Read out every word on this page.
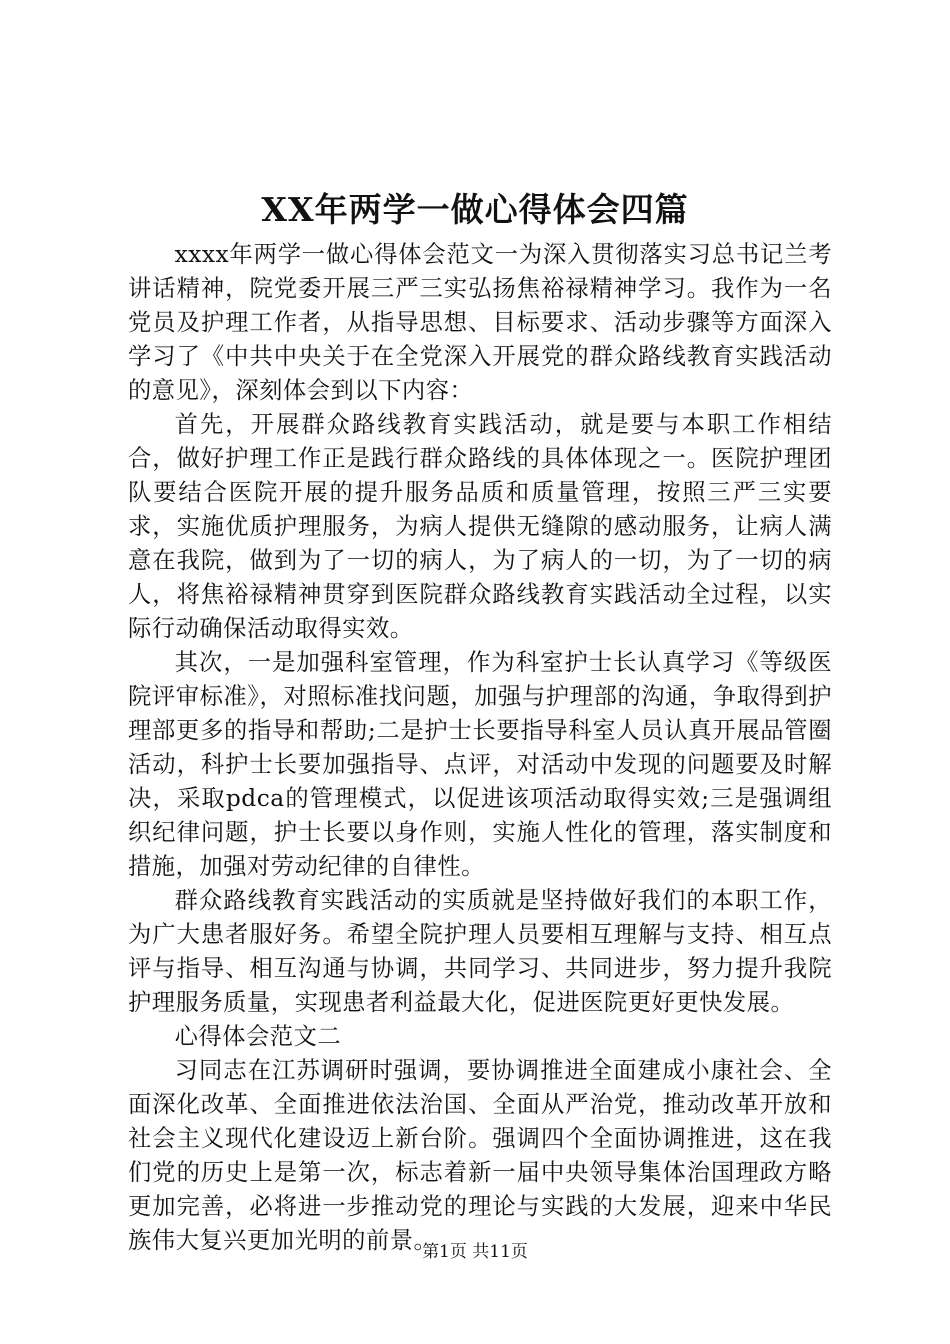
XX年两学一做心得体会四篇

xxxx年两学一做心得体会范文一为深入贯彻落实习总书记兰考讲话精神，院党委开展三严三实弘扬焦裕禄精神学习。我作为一名党员及护理工作者，从指导思想、目标要求、活动步骤等方面深入学习了《中共中央关于在全党深入开展党的群众路线教育实践活动的意见》，深刻体会到以下内容：

首先，开展群众路线教育实践活动，就是要与本职工作相结合，做好护理工作正是践行群众路线的具体体现之一。医院护理团队要结合医院开展的提升服务品质和质量管理，按照三严三实要求，实施优质护理服务，为病人提供无缝隙的感动服务，让病人满意在我院，做到为了一切的病人，为了病人的一切，为了一切的病人，将焦裕禄精神贯穿到医院群众路线教育实践活动全过程，以实际行动确保活动取得实效。

其次，一是加强科室管理，作为科室护士长认真学习《等级医院评审标准》，对照标准找问题，加强与护理部的沟通，争取得到护理部更多的指导和帮助;二是护士长要指导科室人员认真开展品管圈活动，科护士长要加强指导、点评，对活动中发现的问题要及时解决，采取pdca的管理模式，以促进该项活动取得实效;三是强调组织纪律问题，护士长要以身作则，实施人性化的管理，落实制度和措施，加强对劳动纪律的自律性。

群众路线教育实践活动的实质就是坚持做好我们的本职工作，为广大患者服好务。希望全院护理人员要相互理解与支持、相互点评与指导、相互沟通与协调，共同学习、共同进步，努力提升我院护理服务质量，实现患者利益最大化，促进医院更好更快发展。

心得体会范文二

习同志在江苏调研时强调，要协调推进全面建成小康社会、全面深化改革、全面推进依法治国、全面从严治党，推动改革开放和社会主义现代化建设迈上新台阶。强调四个全面协调推进，这在我们党的历史上是第一次，标志着新一届中央领导集体治国理政方略更加完善，必将进一步推动党的理论与实践的大发展，迎来中华民族伟大复兴更加光明的前景。

第1页 共11页
